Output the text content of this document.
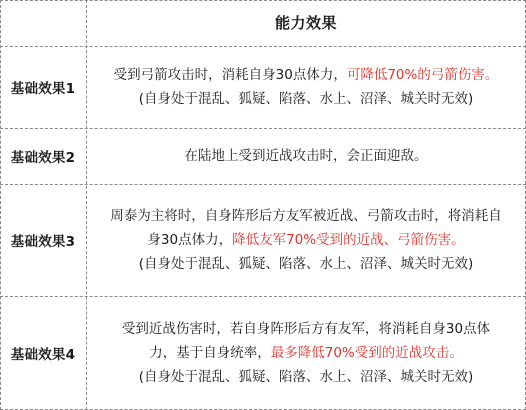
能力效果
基础效果1
受到弓箭攻击时，消耗自身30点体力，可降低70%的弓箭伤害。
(自身处于混乱、狐疑、陷落、水上、沼泽、城关时无效)
基础效果2	在陆地上受到近战攻击时，会正面迎敌。
基础效果3
周泰为主将时，自身阵形后方友军被近战、弓箭攻击时，将消耗自
身30点体力，降低友军70%受到的近战、弓箭伤害。
(自身处于混乱、狐疑、陷落、水上、沼泽、城关时无效)
基础效果4
受到近战伤害时，若自身阵形后方有友军，将消耗自身30点体
力，基于自身统率，最多降低70%受到的近战攻击。
(自身处于混乱、狐疑、陷落、水上、沼泽、城关时无效)
